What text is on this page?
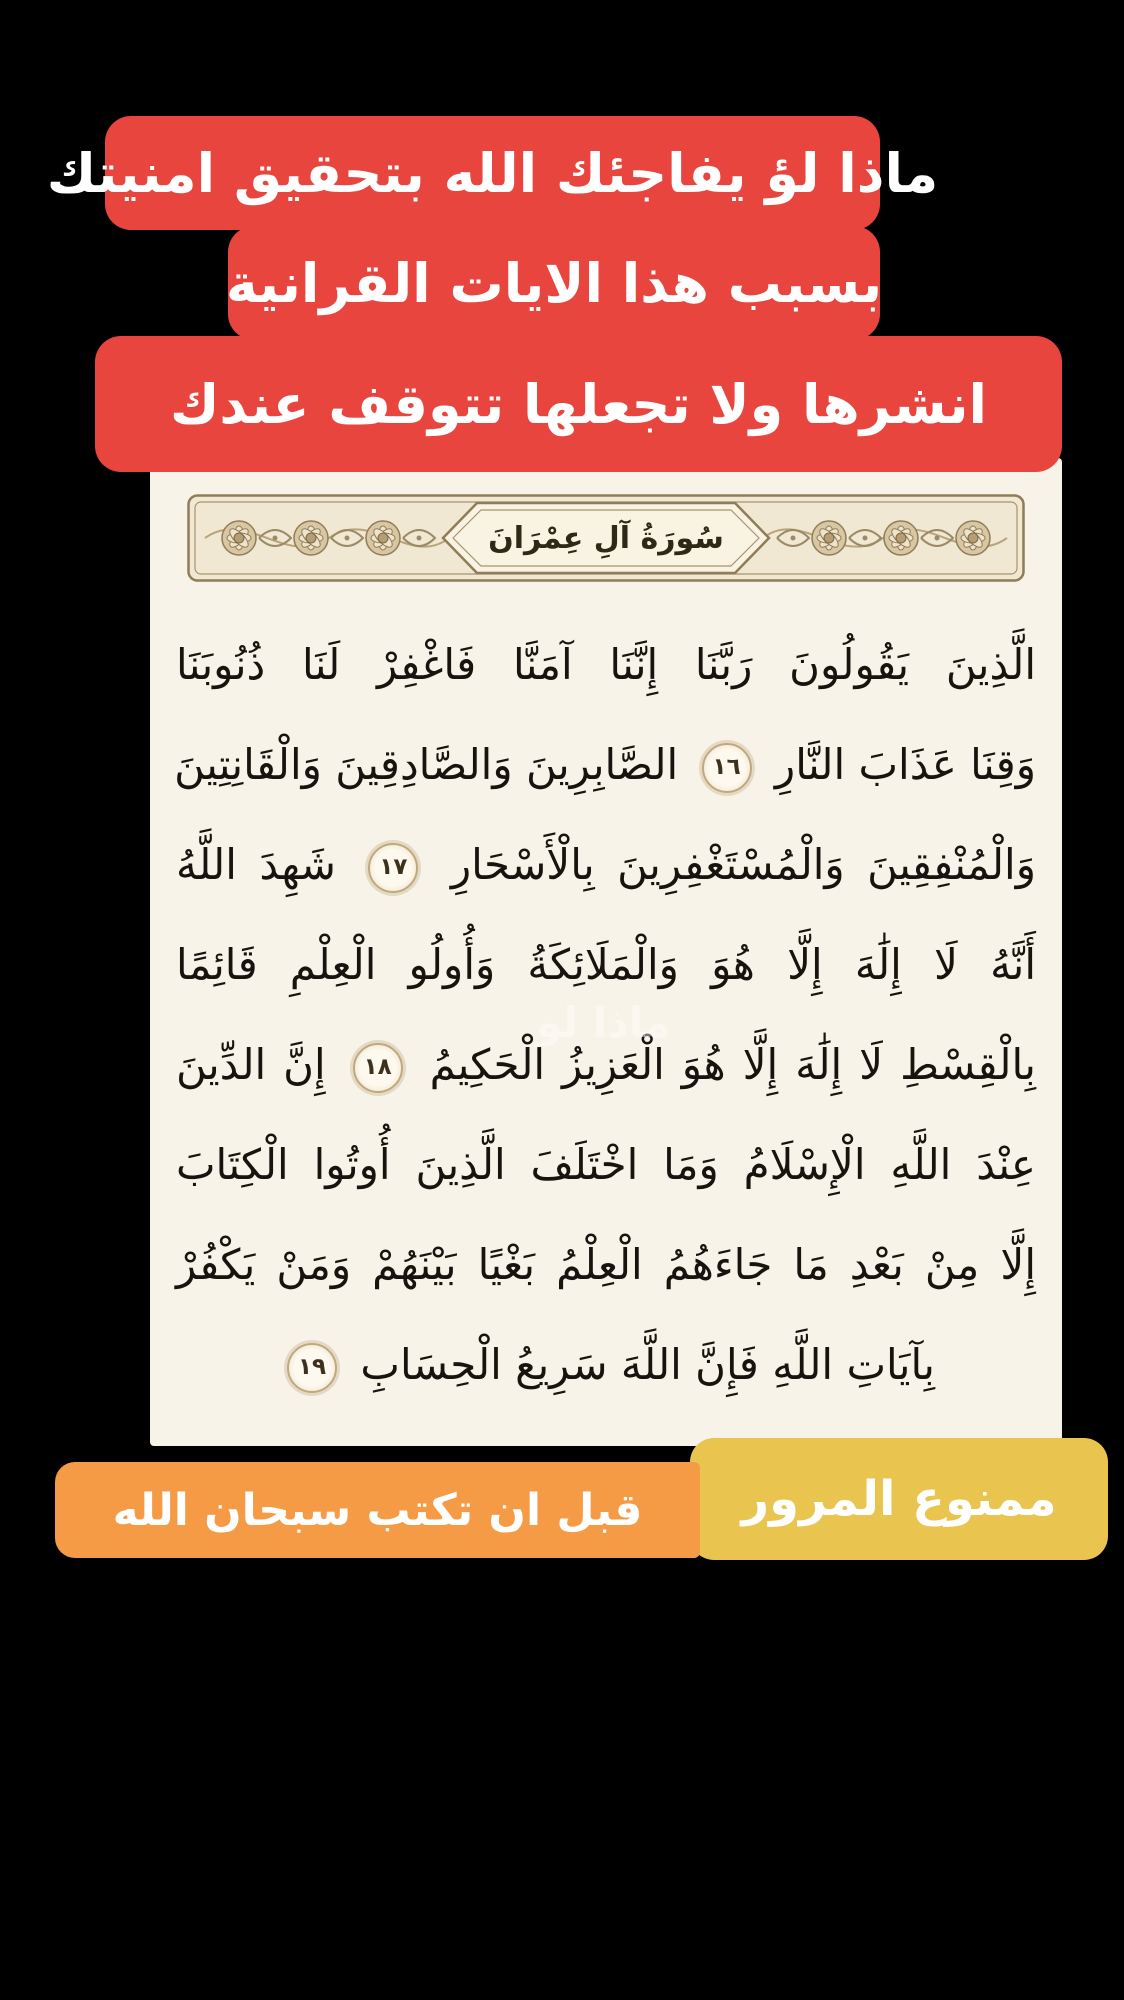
سُورَةُ آلِ عِمْرَانَ
الَّذِينَ يَقُولُونَ رَبَّنَا إِنَّنَا آمَنَّا فَاغْفِرْ لَنَا ذُنُوبَنَا
وَقِنَا عَذَابَ النَّارِ ١٦ الصَّابِرِينَ وَالصَّادِقِينَ وَالْقَانِتِينَ
وَالْمُنْفِقِينَ وَالْمُسْتَغْفِرِينَ بِالْأَسْحَارِ ١٧ شَهِدَ اللَّهُ
أَنَّهُ لَا إِلَٰهَ إِلَّا هُوَ وَالْمَلَائِكَةُ وَأُولُو الْعِلْمِ قَائِمًا
بِالْقِسْطِ لَا إِلَٰهَ إِلَّا هُوَ الْعَزِيزُ الْحَكِيمُ ١٨ إِنَّ الدِّينَ
عِنْدَ اللَّهِ الْإِسْلَامُ وَمَا اخْتَلَفَ الَّذِينَ أُوتُوا الْكِتَابَ
إِلَّا مِنْ بَعْدِ مَا جَاءَهُمُ الْعِلْمُ بَغْيًا بَيْنَهُمْ وَمَنْ يَكْفُرْ
بِآيَاتِ اللَّهِ فَإِنَّ اللَّهَ سَرِيعُ الْحِسَابِ ١٩
ماذا لو
ماذا لؤ يفاجئك الله بتحقيق امنيتك
بسبب هذا الايات القرانية
انشرها ولا تجعلها تتوقف عندك
ممنوع المرور
قبل ان تكتب سبحان الله
